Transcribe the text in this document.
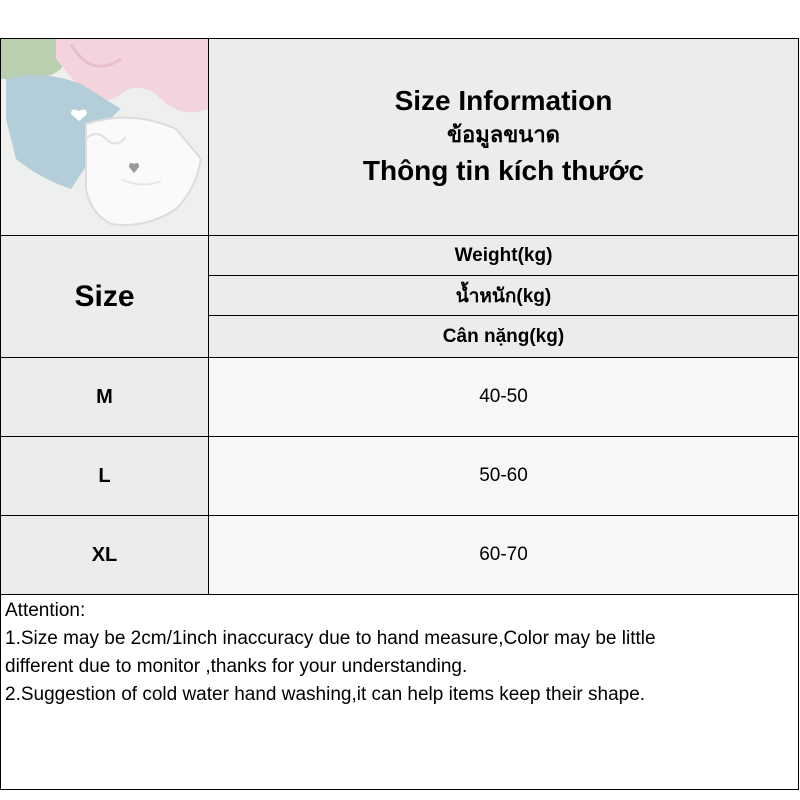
Size Information
ข้อมูลขนาด
Thông tin kích thước
Size
Weight(kg)
น้ำหนัก(kg)
Cân nặng(kg)
M	40-50
L	50-60
XL	60-70
Attention:
1.Size may be 2cm/1inch inaccuracy due to hand measure,Color may be little
different due to monitor ,thanks for your understanding.
2.Suggestion of cold water hand washing,it can help items keep their shape.
